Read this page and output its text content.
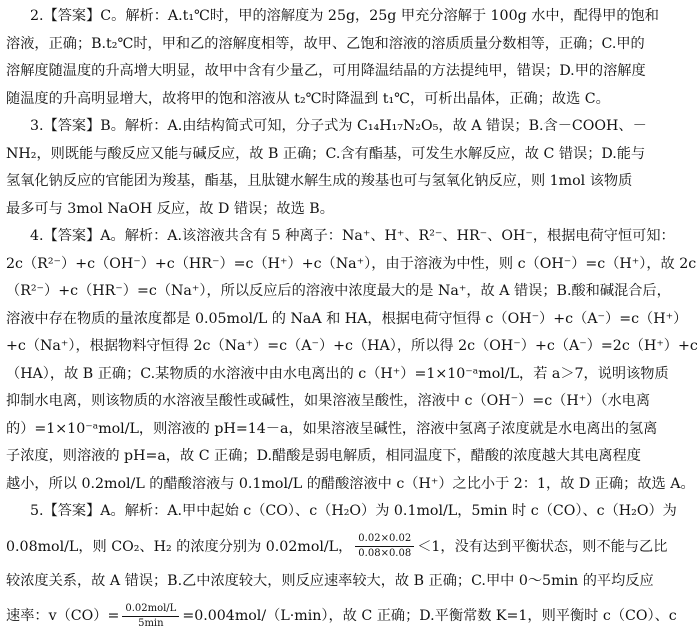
2.【答案】C。解析：A.t₁℃时，甲的溶解度为 25g，25g 甲充分溶解于 100g 水中，配得甲的饱和
溶液，正确；B.t₂℃时，甲和乙的溶解度相等，故甲、乙饱和溶液的溶质质量分数相等，正确；C.甲的
溶解度随温度的升高增大明显，故甲中含有少量乙，可用降温结晶的方法提纯甲，错误；D.甲的溶解度
随温度的升高明显增大，故将甲的饱和溶液从 t₂℃时降温到 t₁℃，可析出晶体，正确；故选 C。
3.【答案】B。解析：A.由结构简式可知，分子式为 C₁₄H₁₇N₂O₅，故 A 错误；B.含－COOH、－
NH₂，则既能与酸反应又能与碱反应，故 B 正确；C.含有酯基，可发生水解反应，故 C 错误；D.能与
氢氧化钠反应的官能团为羧基，酯基，且肽键水解生成的羧基也可与氢氧化钠反应，则 1mol 该物质
最多可与 3mol NaOH 反应，故 D 错误；故选 B。
4.【答案】A。解析：A.该溶液共含有 5 种离子：Na⁺、H⁺、R²⁻、HR⁻、OH⁻，根据电荷守恒可知：
2c（R²⁻）+c（OH⁻）+c（HR⁻）=c（H⁺）+c（Na⁺），由于溶液为中性，则 c（OH⁻）=c（H⁺），故 2c
（R²⁻）+c（HR⁻）=c（Na⁺），所以反应后的溶液中浓度最大的是 Na⁺，故 A 错误；B.酸和碱混合后，
溶液中存在物质的量浓度都是 0.05mol/L 的 NaA 和 HA，根据电荷守恒得 c（OH⁻）+c（A⁻）=c（H⁺）
+c（Na⁺），根据物料守恒得 2c（Na⁺）=c（A⁻）+c（HA），所以得 2c（OH⁻）+c（A⁻）=2c（H⁺）+c
（HA），故 B 正确；C.某物质的水溶液中由水电离出的 c（H⁺）=1×10⁻ᵃmol/L，若 a＞7，说明该物质
抑制水电离，则该物质的水溶液呈酸性或碱性，如果溶液呈酸性，溶液中 c（OH⁻）=c（H⁺）（水电离
的）=1×10⁻ᵃmol/L，则溶液的 pH=14－a，如果溶液呈碱性，溶液中氢离子浓度就是水电离出的氢离
子浓度，则溶液的 pH=a，故 C 正确；D.醋酸是弱电解质，相同温度下，醋酸的浓度越大其电离程度
越小，所以 0.2mol/L 的醋酸溶液与 0.1mol/L 的醋酸溶液中 c（H⁺）之比小于 2：1，故 D 正确；故选 A。
5.【答案】A。解析：A.甲中起始 c（CO）、c（H₂O）为 0.1mol/L，5min 时 c（CO）、c（H₂O）为
0.08mol/L，则 CO₂、H₂ 的浓度分别为 0.02mol/L， $\frac{0.02\times 0.02}{0.08\times 0.08} <1$，没有达到平衡状态，则不能与乙比
较浓度关系，故 A 错误；B.乙中浓度较大，则反应速率较大，故 B 正确；C.甲中 0～5min 的平均反应
速率：$v(CO)= \frac{\text{0.02mol/L}}{5\min} =0.004mol/(L\cdot\min)$，故 C 正确；D.平衡常数 K=1，则平衡时 c（CO）、c
